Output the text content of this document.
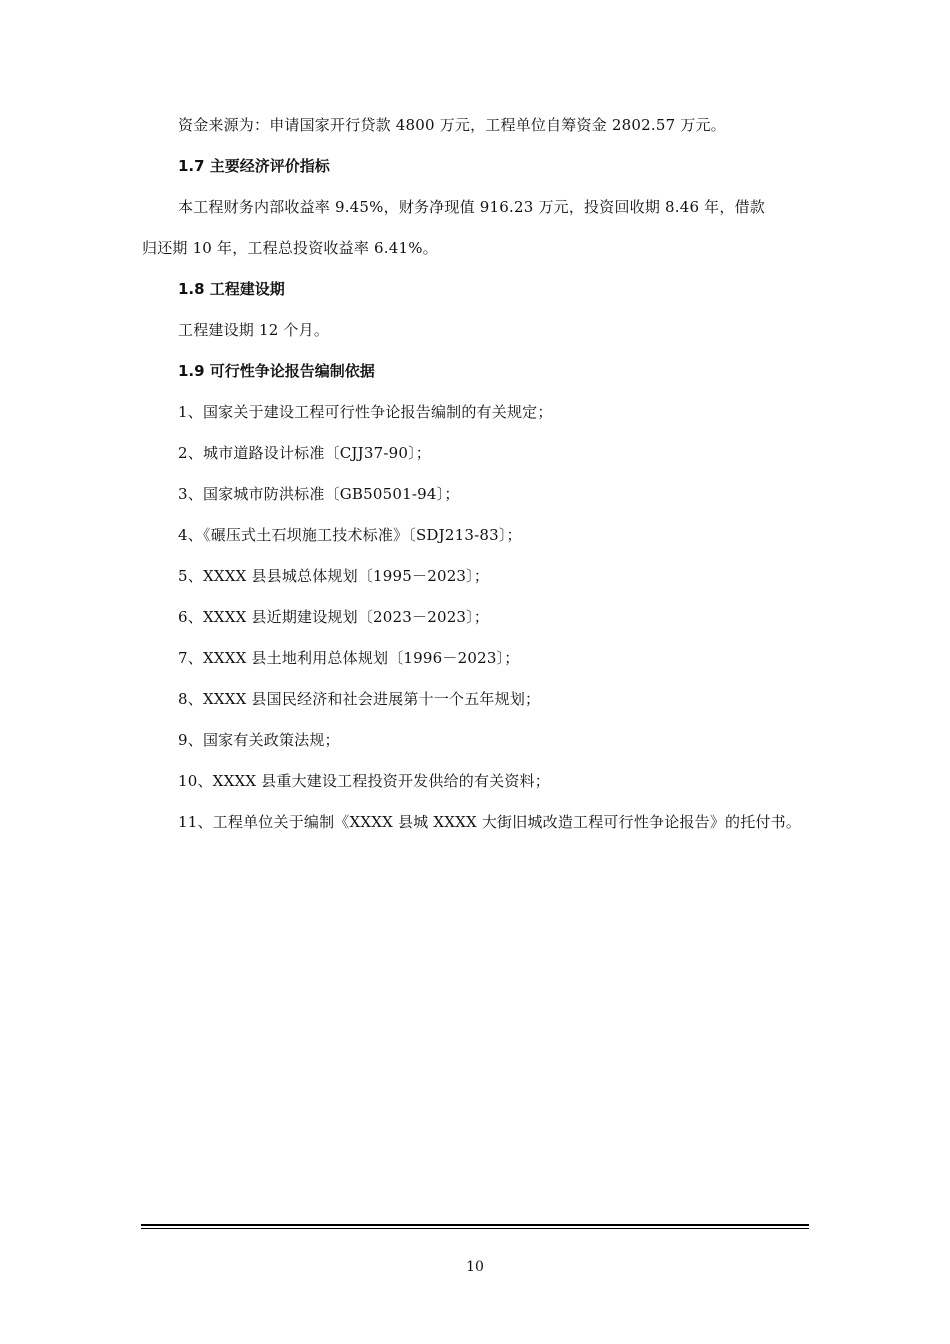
资金来源为：申请国家开行贷款 4800 万元，工程单位自筹资金 2802.57 万元。
1.7 主要经济评价指标
本工程财务内部收益率 9.45%，财务净现值 916.23 万元，投资回收期 8.46 年，借款
归还期 10 年，工程总投资收益率 6.41%。
1.8 工程建设期
工程建设期 12 个月。
1.9 可行性争论报告编制依据
1、国家关于建设工程可行性争论报告编制的有关规定；
2、城市道路设计标准〔CJJ37-90〕；
3、国家城市防洪标准〔GB50501-94〕；
4、《碾压式土石坝施工技术标准》〔SDJ213-83〕；
5、XXXX 县县城总体规划〔1995－2023〕；
6、XXXX 县近期建设规划〔2023－2023〕；
7、XXXX 县土地利用总体规划〔1996－2023〕；
8、XXXX 县国民经济和社会进展第十一个五年规划；
9、国家有关政策法规；
10、XXXX 县重大建设工程投资开发供给的有关资料；
11、工程单位关于编制《XXXX 县城 XXXX 大街旧城改造工程可行性争论报告》的托付书。
10
